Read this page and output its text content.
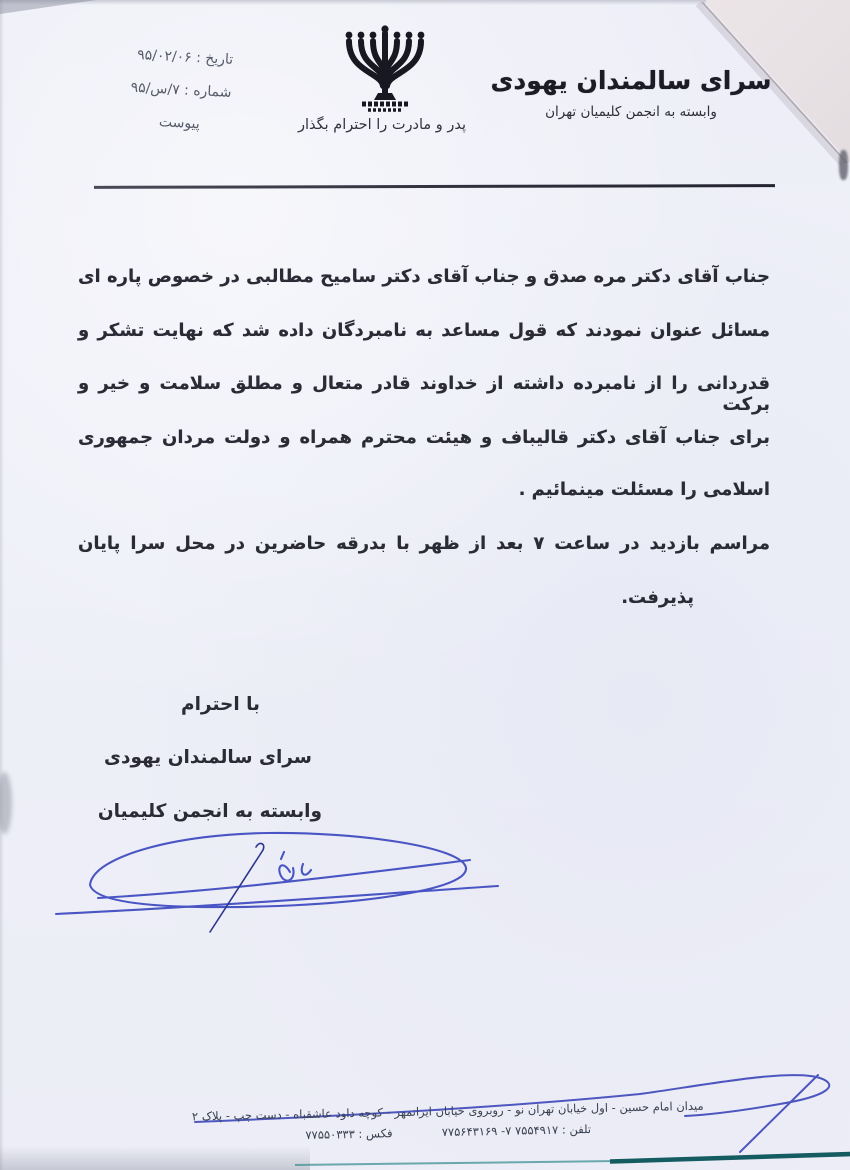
تاریخ : ۹۵/۰۲/۰۶
شماره : ۷/س/۹۵
پیوست
سرای سالمندان یهودی
وابسته به انجمن کلیمیان تهران
پدر و مادرت را احترام بگذار
جناب آقای دکتر مره صدق و جناب آقای دکتر سامیح مطالبی در خصوص پاره ای
مسائل عنوان نمودند که قول مساعد به نامبردگان داده شد که نهایت تشکر و
قدردانی را از نامبرده داشته از خداوند قادر متعال و مطلق سلامت و خیر و برکت
برای جناب آقای دکتر قالیباف و هیئت محترم همراه و دولت مردان جمهوری
اسلامی را مسئلت مینمائیم .
مراسم بازدید در ساعت ۷ بعد از ظهر با بدرقه حاضرین در محل سرا پایان
پذیرفت.
با احترام
سرای سالمندان یهودی
وابسته به انجمن کلیمیان
میدان امام حسین - اول خیابان تهران نو - روبروی خیابان ایرانمهر - کوچه داود عاشقباه - دست چپ - پلاک ۲
تلفن : ۷۵۵۴۹۱۷ ۷- ۷۷۵۶۴۳۱۶۹  فکس : ۷۷۵۵۰۳۳۳
